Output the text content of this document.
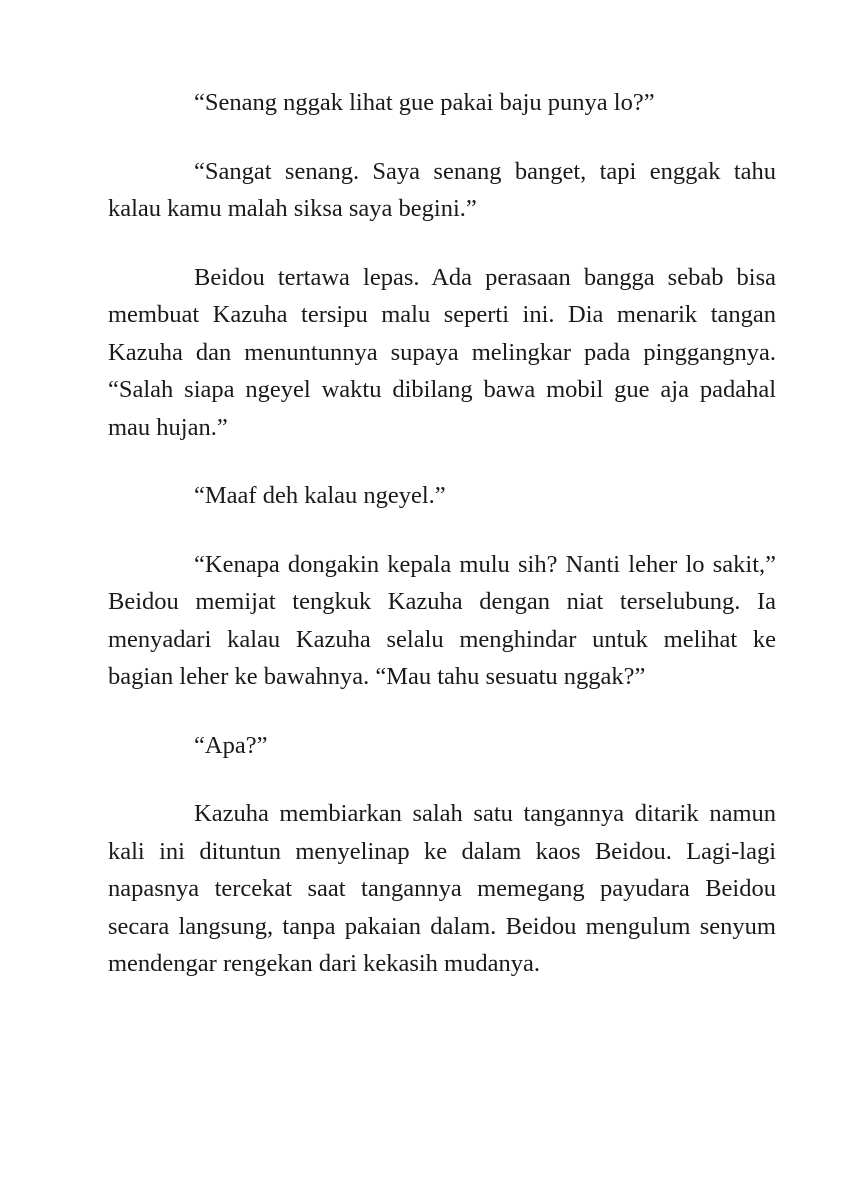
“Senang nggak lihat gue pakai baju punya lo?”

“Sangat senang. Saya senang banget, tapi enggak tahu kalau kamu malah siksa saya begini.”

Beidou tertawa lepas. Ada perasaan bangga sebab bisa membuat Kazuha tersipu malu seperti ini. Dia menarik tangan Kazuha dan menuntunnya supaya melingkar pada pinggangnya. “Salah siapa ngeyel waktu dibilang bawa mobil gue aja padahal mau hujan.”

“Maaf deh kalau ngeyel.”

“Kenapa dongakin kepala mulu sih? Nanti leher lo sakit,” Beidou memijat tengkuk Kazuha dengan niat terselubung. Ia menyadari kalau Kazuha selalu menghindar untuk melihat ke bagian leher ke bawahnya. “Mau tahu sesuatu nggak?”

“Apa?”

Kazuha membiarkan salah satu tangannya ditarik namun kali ini dituntun menyelinap ke dalam kaos Beidou. Lagi-lagi napasnya tercekat saat tangannya memegang payudara Beidou secara langsung, tanpa pakaian dalam. Beidou mengulum senyum mendengar rengekan dari kekasih mudanya.
